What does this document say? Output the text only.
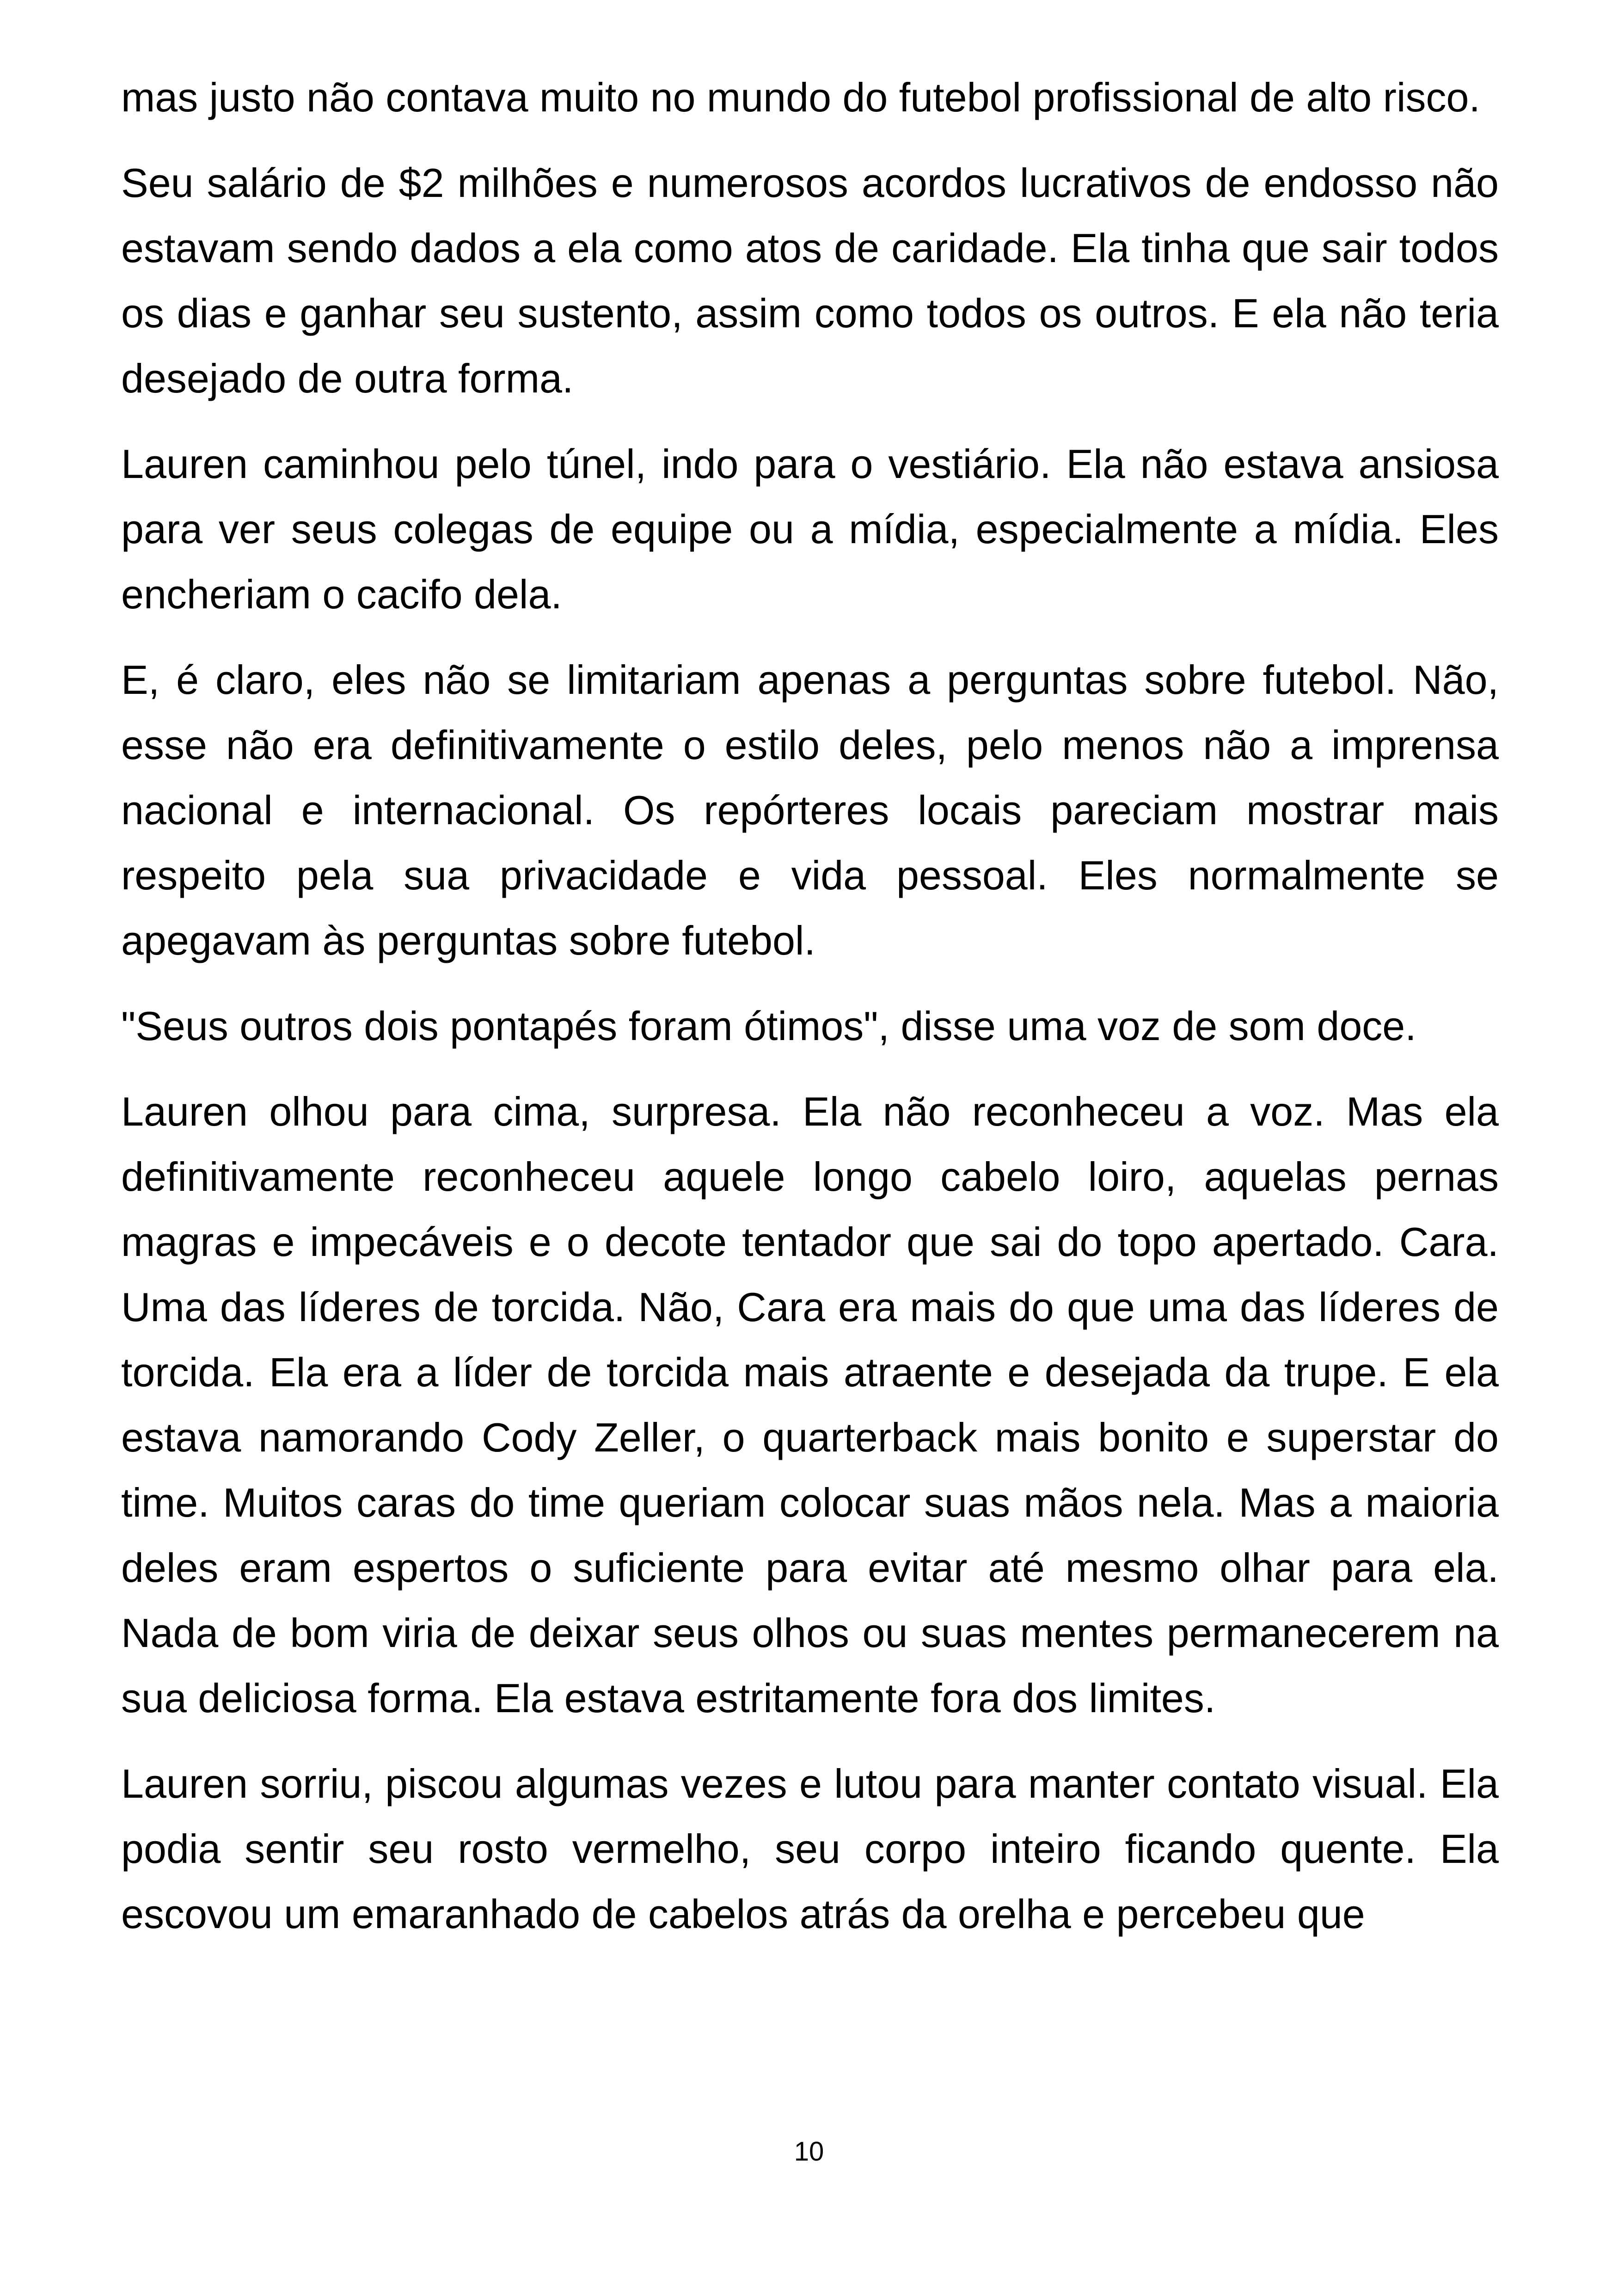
mas justo não contava muito no mundo do futebol profissional de alto risco.

Seu salário de $2 milhões e numerosos acordos lucrativos de endosso não estavam sendo dados a ela como atos de caridade. Ela tinha que sair todos os dias e ganhar seu sustento, assim como todos os outros. E ela não teria desejado de outra forma.

Lauren caminhou pelo túnel, indo para o vestiário. Ela não estava ansiosa para ver seus colegas de equipe ou a mídia, especialmente a mídia. Eles encheriam o cacifo dela.

E, é claro, eles não se limitariam apenas a perguntas sobre futebol. Não, esse não era definitivamente o estilo deles, pelo menos não a imprensa nacional e internacional. Os repórteres locais pareciam mostrar mais respeito pela sua privacidade e vida pessoal. Eles normalmente se apegavam às perguntas sobre futebol.

"Seus outros dois pontapés foram ótimos", disse uma voz de som doce.

Lauren olhou para cima, surpresa. Ela não reconheceu a voz. Mas ela definitivamente reconheceu aquele longo cabelo loiro, aquelas pernas magras e impecáveis e o decote tentador que sai do topo apertado. Cara. Uma das líderes de torcida. Não, Cara era mais do que uma das líderes de torcida. Ela era a líder de torcida mais atraente e desejada da trupe. E ela estava namorando Cody Zeller, o quarterback mais bonito e superstar do time. Muitos caras do time queriam colocar suas mãos nela. Mas a maioria deles eram espertos o suficiente para evitar até mesmo olhar para ela. Nada de bom viria de deixar seus olhos ou suas mentes permanecerem na sua deliciosa forma. Ela estava estritamente fora dos limites.

Lauren sorriu, piscou algumas vezes e lutou para manter contato visual. Ela podia sentir seu rosto vermelho, seu corpo inteiro ficando quente. Ela escovou um emaranhado de cabelos atrás da orelha e percebeu que

10
